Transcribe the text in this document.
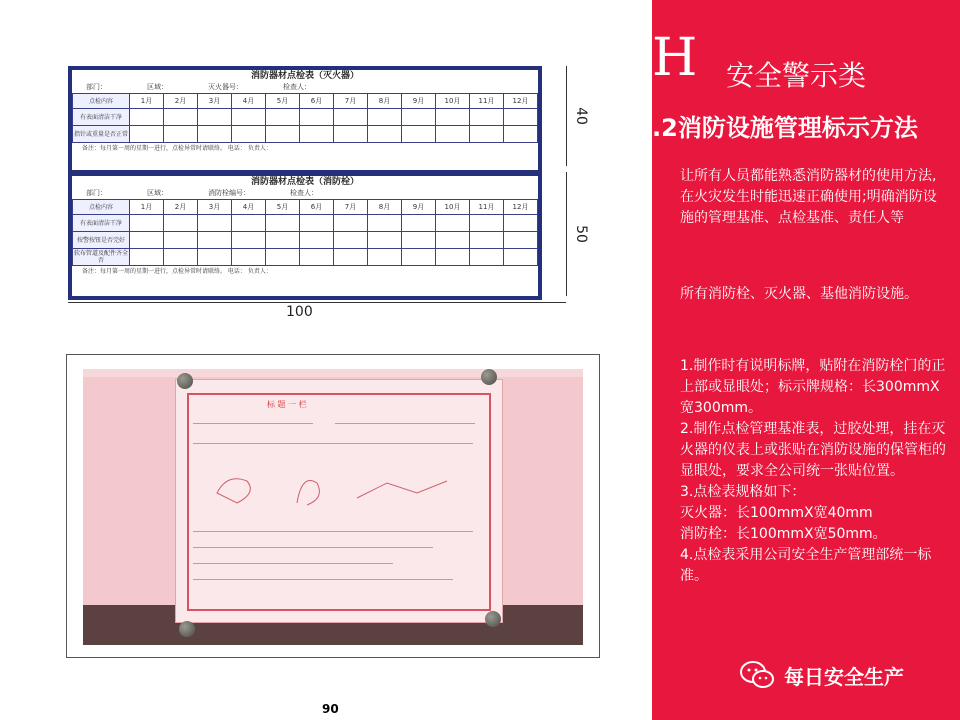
消防器材点检表（灭火器）
部门：	区域：	灭火器号：	检查人：
点检内容	1月	2月	3月	4月	5月	6月	7月	8月	9月	10月	11月	12月
有表面清洁干净												
指针或重量是否正常												
备注：每月第一周的星期一进行，点检异常时请联络。 电话： 负责人：
消防器材点检表（消防栓）
部门：	区域：	消防栓编号：	检查人：
点检内容	1月	2月	3月	4月	5月	6月	7月	8月	9月	10月	11月	12月
有表面清洁干净												
按警按钮是否完好												
软布管道及配件齐全否												
备注：每月第一周的星期一进行，点检异常时请联络。 电话： 负责人：
40
50
100
标 题 一 栏
90
H 安全警示类
.2消防设施管理标示方法
让所有人员都能熟悉消防器材的使用方法,在火灾发生时能迅速正确使用;明确消防设施的管理基准、点检基准、责任人等
所有消防栓、灭火器、基他消防设施。
1.制作时有说明标牌，贴附在消防栓门的正上部或显眼处；标示牌规格：长300mmX宽300mm。
2.制作点检管理基准表，过胶处理，挂在灭火器的仪表上或张贴在消防设施的保管柜的显眼处，要求全公司统一张贴位置。
3.点检表规格如下：
灭火器：长100mmX宽40mm
消防栓：长100mmX宽50mm。
4.点检表采用公司安全生产管理部统一标准。
每日安全生产
